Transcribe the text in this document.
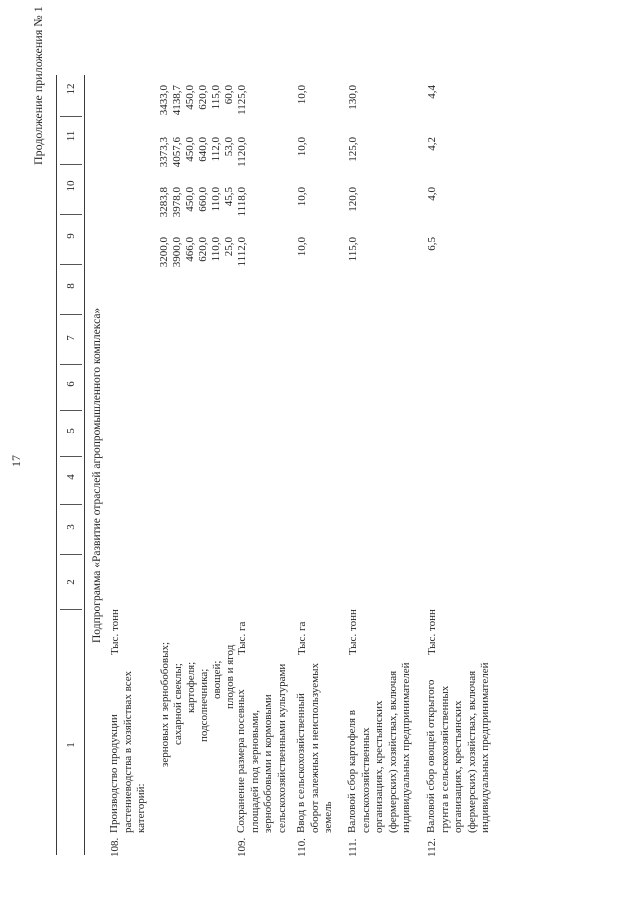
17
Продолжение приложения № 1
1
2
3
4
5
6
7
8
9
10
11
12
Подпрограмма «Развитие отраслей агропромышленного комплекса»
108.
Производство продукции растениеводства в хозяйствах всех категорий:
Тыс. тонн
зерновых и зернобобовых; сахарной свеклы; картофеля; подсолнечника; овощей; плодов и ягод
3200,0 3900,0 466,0 620,0 110,0 25,0
3283,8 3978,0 450,0 660,0 110,0 45,5
3373,3 4057,6 450,0 640,0 112,0 53,0
3433,0 4138,7 450,0 620,0 115,0 60,0
109.
Сохранение размера посевных площадей под зерновыми, зернобобовыми и кормовыми сельскохозяйственными культурами
Тыс. га
1112,0
1118,0
1120,0
1125,0
110.
Ввод в сельскохозяйственный оборот залежных и неиспользуемых земель
Тыс. га
10,0
10,0
10,0
10,0
111.
Валовой сбор картофеля в сельскохозяйственных организациях, крестьянских (фермерских) хозяйствах, включая индивидуальных предпринимателей
Тыс. тонн
115,0
120,0
125,0
130,0
112.
Валовой сбор овощей открытого грунта в сельскохозяйственных организациях, крестьянских (фермерских) хозяйствах, включая индивидуальных предпринимателей
Тыс. тонн
6,5
4,0
4,2
4,4
